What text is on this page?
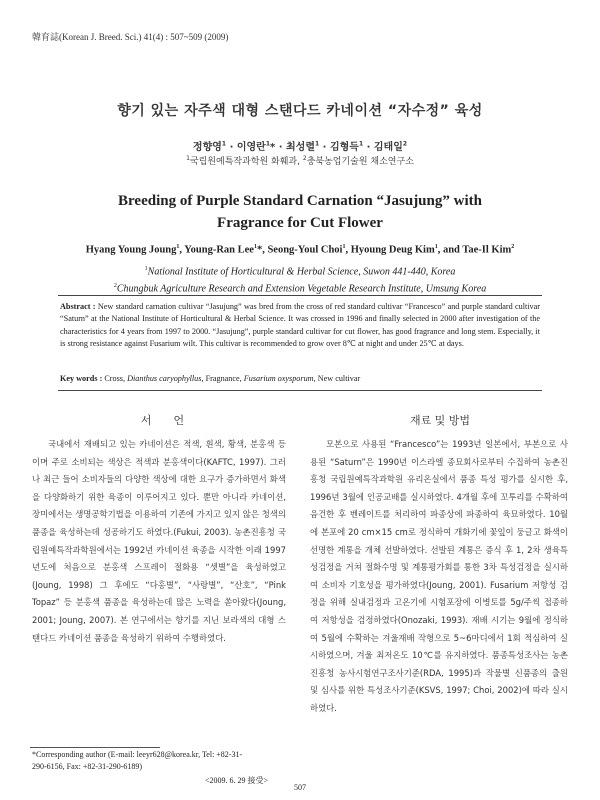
韓育誌(Korean J. Breed. Sci.) 41(4) : 507~509 (2009)
향기 있는 자주색 대형 스탠다드 카네이션 “자수정” 육성
정향영$^1$ · 이영란$^1$* · 최성렬$^1$ · 김형득$^1$ · 김태일$^2$
$^1$국립원예특작과학원 화훼과, $^2$충북농업기술원 채소연구소
Breeding of Purple Standard Carnation “Jasujung” with
Fragrance for Cut Flower
Hyang Young Joung$^1$, Young-Ran Lee$^1$*, Seong-Youl Choi$^1$, Hyoung Deug Kim$^1$, and Tae-Il Kim$^2$
$^1$National Institute of Horticultural & Herbal Science, Suwon 441-440, Korea
$^2$Chungbuk Agriculture Research and Extension Vegetable Research Institute, Umsung Korea
Abstract : New standard carnation cultivar “Jasujung” was bred from the cross of red standard cultivar “Francesco” and purple standard cultivar “Saturn” at the National Institute of Horticultural & Herbal Science. It was crossed in 1996 and finally selected in 2000 after investigation of the characteristics for 4 years from 1997 to 2000. “Jasujung”, purple standard cultivar for cut flower, has good fragrance and long stem. Especially, it is strong resistance against Fusarium wilt. This cultivar is recommended to grow over 8℃ at night and under 25℃ at days.
Key words : Cross, Dianthus caryophyllus, Fragnance, Fusarium oxysporum, New cultivar
서　　언	재료 및 방법

국내에서 재배되고 있는 카네이션은 적색, 흰색, 황색, 분홍색 등이며 주로 소비되는 색상은 적색과 분홍색이다(KAFTC, 1997). 그러나 최근 들어 소비자들의 다양한 색상에 대한 요구가 증가하면서 화색을 다양화하기 위한 육종이 이루어지고 있다. 뿐만 아니라 카네이션, 장미에서는 생명공학기법을 이용하여 기존에 가지고 있지 않은 청색의 품종을 육성하는데 성공하기도 하였다.(Fukui, 2003). 농촌진흥청 국립원예특작과학원에서는 1992년 카네이션 육종을 시작한 이래 1997년도에 처음으로 분홍색 스프레이 절화용 “셋별”을 육성하였고(Joung, 1998) 그 후에도 “다홍별”, “사랑별”, “산호”, “Pink Topaz” 등 분홍색 품종을 육성하는데 많은 노력을 쏟아왔다(Joung, 2001; Joung, 2007). 본 연구에서는 향기를 지닌 보라색의 대형 스탠다드 카네이션 품종을 육성하기 위하여 수행하였다.

모본으로 사용된 “Francesco”는 1993년 일본에서, 부본으로 사용된 “Saturn”은 1990년 이스라엘 종묘회사로부터 수집하여 농촌진흥청 국립원예특작과학원 유리온실에서 품종 특성 평가를 실시한 후, 1996년 3월에 인공교배를 실시하였다. 4개월 후에 꼬투리를 수확하여 음건한 후 벤레이트를 처리하여 파종상에 파종하여 육묘하였다. 10월에 본포에 20 cm×15 cm로 정식하여 개화기에 꽃잎이 둥글고 화색이 선명한 계통을 개체 선발하였다. 선발된 계통은 증식 후 1, 2차 생육특성검정을 거쳐 절화수명 및 계통평가회를 통한 3차 특성검정을 실시하여 소비자 기호성을 평가하였다(Joung, 2001). Fusarium 저항성 검정을 위해 실내검정과 고온기에 시험포장에 이병토를 5g/주씩 접종하여 저항성을 검정하였다(Onozaki, 1993). 재배 시기는 9월에 정식하여 5월에 수확하는 겨울재배 작형으로 5~6마디에서 1회 적심하여 실시하였으며, 겨울 최저온도 10℃를 유지하였다. 품종특성조사는 농촌진흥청 농사시험연구조사기준(RDA, 1995)과 작물별 신품종의 출원 및 심사를 위한 특성조사기준(KSVS, 1997; Choi, 2002)에 따라 실시하였다.

*Corresponding author (E-mail: leeyr628@korea.kr, Tel: +82-31-
290-6156, Fax: +82-31-290-6189)
<2009. 6. 29 接受>
507
